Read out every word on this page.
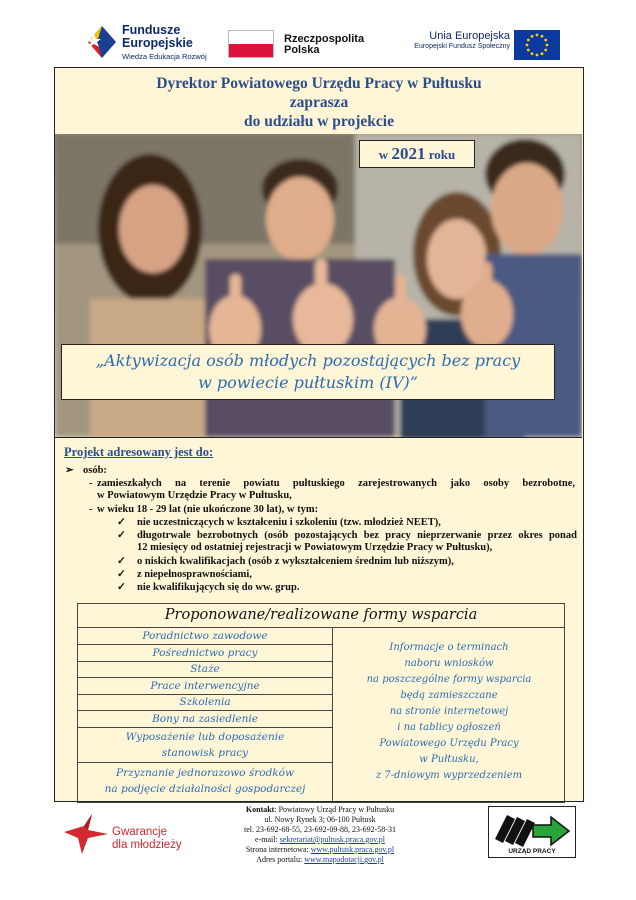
Fundusze
Europejskie
Wiedza Edukacja Rozwój
Rzeczpospolita
Polska
Unia Europejska
Europejski Fundusz Społeczny
Dyrektor Powiatowego Urzędu Pracy w Pułtusku
zaprasza
do udziału w projekcie
w 2021 roku
„Aktywizacja osób młodych pozostających bez pracy
w powiecie pułtuskim (IV)”
Projekt adresowany jest do:
➢ osób:
- zamieszkałych na terenie powiatu pułtuskiego zarejestrowanych jako osoby bezrobotne,
w Powiatowym Urzędzie Pracy w Pułtusku,
- w wieku 18 - 29 lat (nie ukończone 30 lat), w tym:
✓ nie uczestniczących w kształceniu i szkoleniu (tzw. młodzież NEET),
✓ długotrwale bezrobotnych (osób pozostających bez pracy nieprzerwanie przez okres ponad
12 miesięcy od ostatniej rejestracji w Powiatowym Urzędzie Pracy w Pułtusku),
✓ o niskich kwalifikacjach (osób z wykształceniem średnim lub niższym),
✓ z niepełnosprawnościami,
✓ nie kwalifikujących się do ww. grup.
Proponowane/realizowane formy wsparcia
Poradnictwo zawodowe
Pośrednictwo pracy
Staże
Prace interwencyjne
Szkolenia
Bony na zasiedlenie
Wyposażenie lub doposażenie
stanowisk pracy
Przyznanie jednorazowo środków
na podjęcie działalności gospodarczej
Informacje o terminach
naboru wniosków
na poszczególne formy wsparcia
będą zamieszczane
na stronie internetowej
i na tablicy ogłoszeń
Powiatowego Urzędu Pracy
w Pułtusku,
z 7-dniowym wyprzedzeniem
Gwarancje
dla młodzieży
Kontakt: Powiatowy Urząd Pracy w Pułtusku
ul. Nowy Rynek 3; 06-100 Pułtusk
tel. 23-692-68-55, 23-692-09-88, 23-692-58-31
e-mail: sekretariat@pultusk.praca.gov.pl
Strona internetowa: www.pultusk.praca.gov.pl
Adres portalu: www.mapadotacji.gov.pl
URZĄD PRACY
